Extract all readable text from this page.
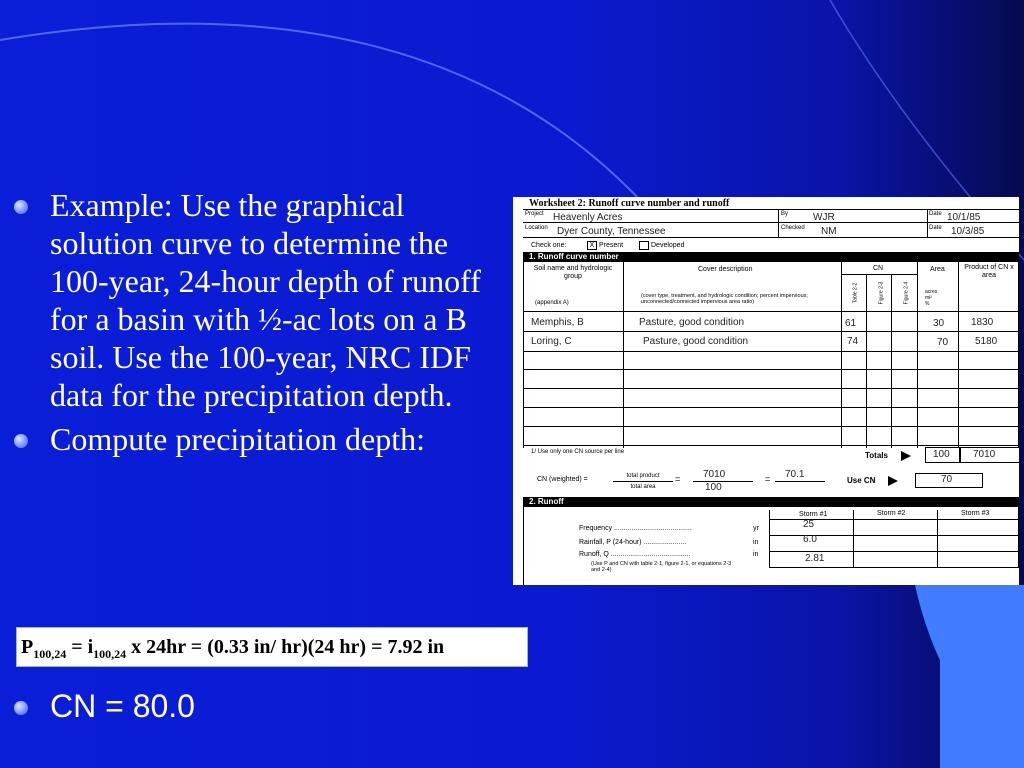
Example: Use the graphical solution curve to determine the 100-year, 24-hour depth of runoff for a basin with ½-ac lots on a B soil. Use the 100-year, NRC IDF data for the precipitation depth.
Compute precipitation depth:
$P_{100,24} = i_{100,24}$ x 24hr = (0.33 in/ hr)(24 hr) = 7.92 in
CN = 80.0
Worksheet 2: Runoff curve number and runoff
Project Heavenly Acres	By WJR	Date 10/1/85
Location Dyer County, Tennessee	Checked NM	Date 10/3/85
Check one:	X Present	Developed
1. Runoff curve number
Soil name and hydrologic group
(appendix A)
Cover description
(cover type, treatment, and hydrologic condition; percent impervious; unconnected/connected impervious area ratio)
CN
Table 2-2	Figure 2-3	Figure 2-4
Area
acres
mi²
%
Product of CN x area
Memphis, B	Pasture, good condition	61	30	1830
Loring, C	Pasture, good condition	74	70	5180
1/ Use only one CN source per line	Totals	100 7010
CN (weighted) =	total product
total area
= 7010
100
= 70.1
Use CN	70
2. Runoff
Storm #1	Storm #2	Storm #3
Frequency ........................................	yr	25
Rainfall, P (24-hour) ......................	in	6.0
Runoff, Q .........................................	in	2.81
(Use P and CN with table 2-1, figure 2-1, or equations 2-3 and 2-4)
